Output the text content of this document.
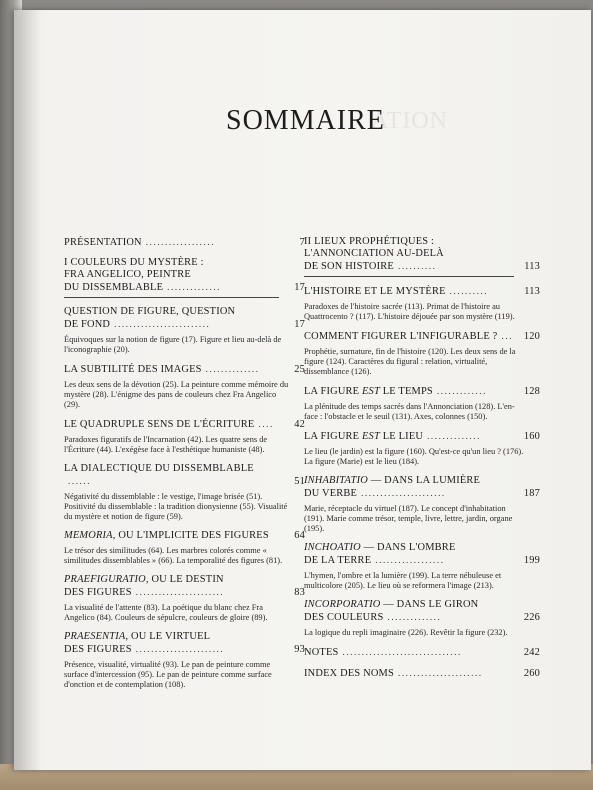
ATION
SOMMAIRE
PRÉSENTATION ..................	7
I COULEURS DU MYSTÈRE :
FRA ANGELICO, PEINTRE
DU DISSEMBLABLE ..............	17
QUESTION DE FIGURE, QUESTION
DE FOND .........................	17
Équivoques sur la notion de figure (17). Figure et lieu au-delà de l'iconographie (20).
LA SUBTILITÉ DES IMAGES ..............	25
Les deux sens de la dévotion (25). La peinture comme mémoire du mystère (28). L'énigme des pans de couleurs chez Fra Angelico (29).
LE QUADRUPLE SENS DE L'ÉCRITURE .... 42
Paradoxes figuratifs de l'Incarnation (42). Les quatre sens de l'Écriture (44). L'exégèse face à l'esthétique humaniste (48).
LA DIALECTIQUE DU DISSEMBLABLE......	51
Négativité du dissemblable : le vestige, l'image brisée (51). Positivité du dissemblable : la tradition dionysienne (55). Visualité du mystère et notion de figure (59).
MEMORIA, OU L'IMPLICITE DES FIGURES 64
Le trésor des similitudes (64). Les marbres colorés comme « similitudes dissemblables » (66). La temporalité des figures (81).
PRAEFIGURATIO, OU LE DESTIN
DES FIGURES .......................	83
La visualité de l'attente (83). La poétique du blanc chez Fra Angelico (84). Couleurs de sépulcre, couleurs de gloire (89).
PRAESENTIA, OU LE VIRTUEL
DES FIGURES .......................	93
Présence, visualité, virtualité (93). Le pan de peinture comme surface d'intercession (95). Le pan de peinture comme surface d'onction et de contemplation (108).
II LIEUX PROPHÉTIQUES :
L'ANNONCIATION AU-DELÀ
DE SON HISTOIRE ..........	113
L'HISTOIRE ET LE MYSTÈRE ..........	113
Paradoxes de l'histoire sacrée (113). Primat de l'histoire au Quattrocento ? (117). L'histoire déjouée par son mystère (119).
COMMENT FIGURER L'INFIGURABLE ? ... 120
Prophétie, surnature, fin de l'histoire (120). Les deux sens de la figure (124). Caractères du figural : relation, virtualité, dissemblance (126).
LA FIGURE EST LE TEMPS .............	128
La plénitude des temps sacrés dans l'Annonciation (128). L'en-face : l'obstacle et le seuil (131). Axes, colonnes (150).
LA FIGURE EST LE LIEU ..............	160
Le lieu (le jardin) est la figure (160). Qu'est-ce qu'un lieu ? (176). La figure (Marie) est le lieu (184).
INHABITATIO — DANS LA LUMIÈRE
DU VERBE ......................	187
Marie, réceptacle du virtuel (187). Le concept d'inhabitation (191). Marie comme trésor, temple, livre, lettre, jardin, organe (195).
INCHOATIO — DANS L'OMBRE
DE LA TERRE ..................	199
L'hymen, l'ombre et la lumière (199). La terre nébuleuse et multicolore (205). Le lieu où se reformera l'image (213).
INCORPORATIO — DANS LE GIRON
DES COULEURS ..............	226
La logique du repli imaginaire (226). Revêtir la figure (232).
NOTES ...............................	242
INDEX DES NOMS ......................	260
